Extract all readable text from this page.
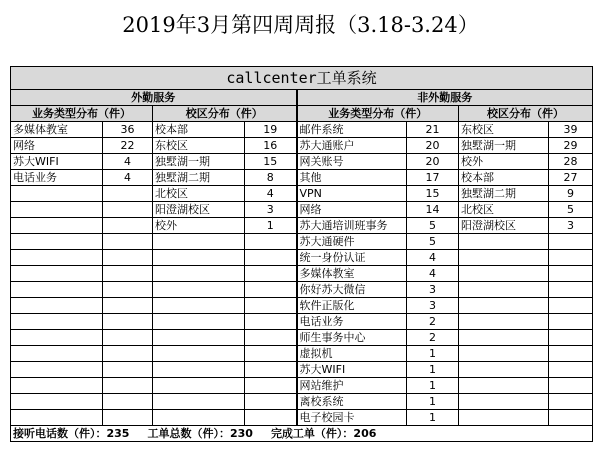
2019年3月第四周周报（3.18-3.24）
callcenter工单系统							
外勤服务				非外勤服务			
业务类型分布（件）		校区分布（件）		业务类型分布（件）		校区分布（件）	
多媒体教室	36	校本部	19	邮件系统	21	东校区	39
网络	22	东校区	16	苏大通账户	20	独墅湖一期	29
苏大WIFI	4	独墅湖一期	15	网关账号	20	校外	28
电话业务	4	独墅湖二期	8	其他	17	校本部	27
		北校区	4	VPN	15	独墅湖二期	9
		阳澄湖校区	3	网络	14	北校区	5
		校外	1	苏大通培训班事务	5	阳澄湖校区	3
				苏大通硬件	5		
				统一身份认证	4		
				多媒体教室	4		
				你好苏大微信	3		
				软件正版化	3		
				电话业务	2		
				师生事务中心	2		
				虚拟机	1		
				苏大WIFI	1		
				网站维护	1		
				离校系统	1		
				电子校园卡	1		
接听电话数（件）：235 工单总数（件）：230 完成工单（件）：206							
